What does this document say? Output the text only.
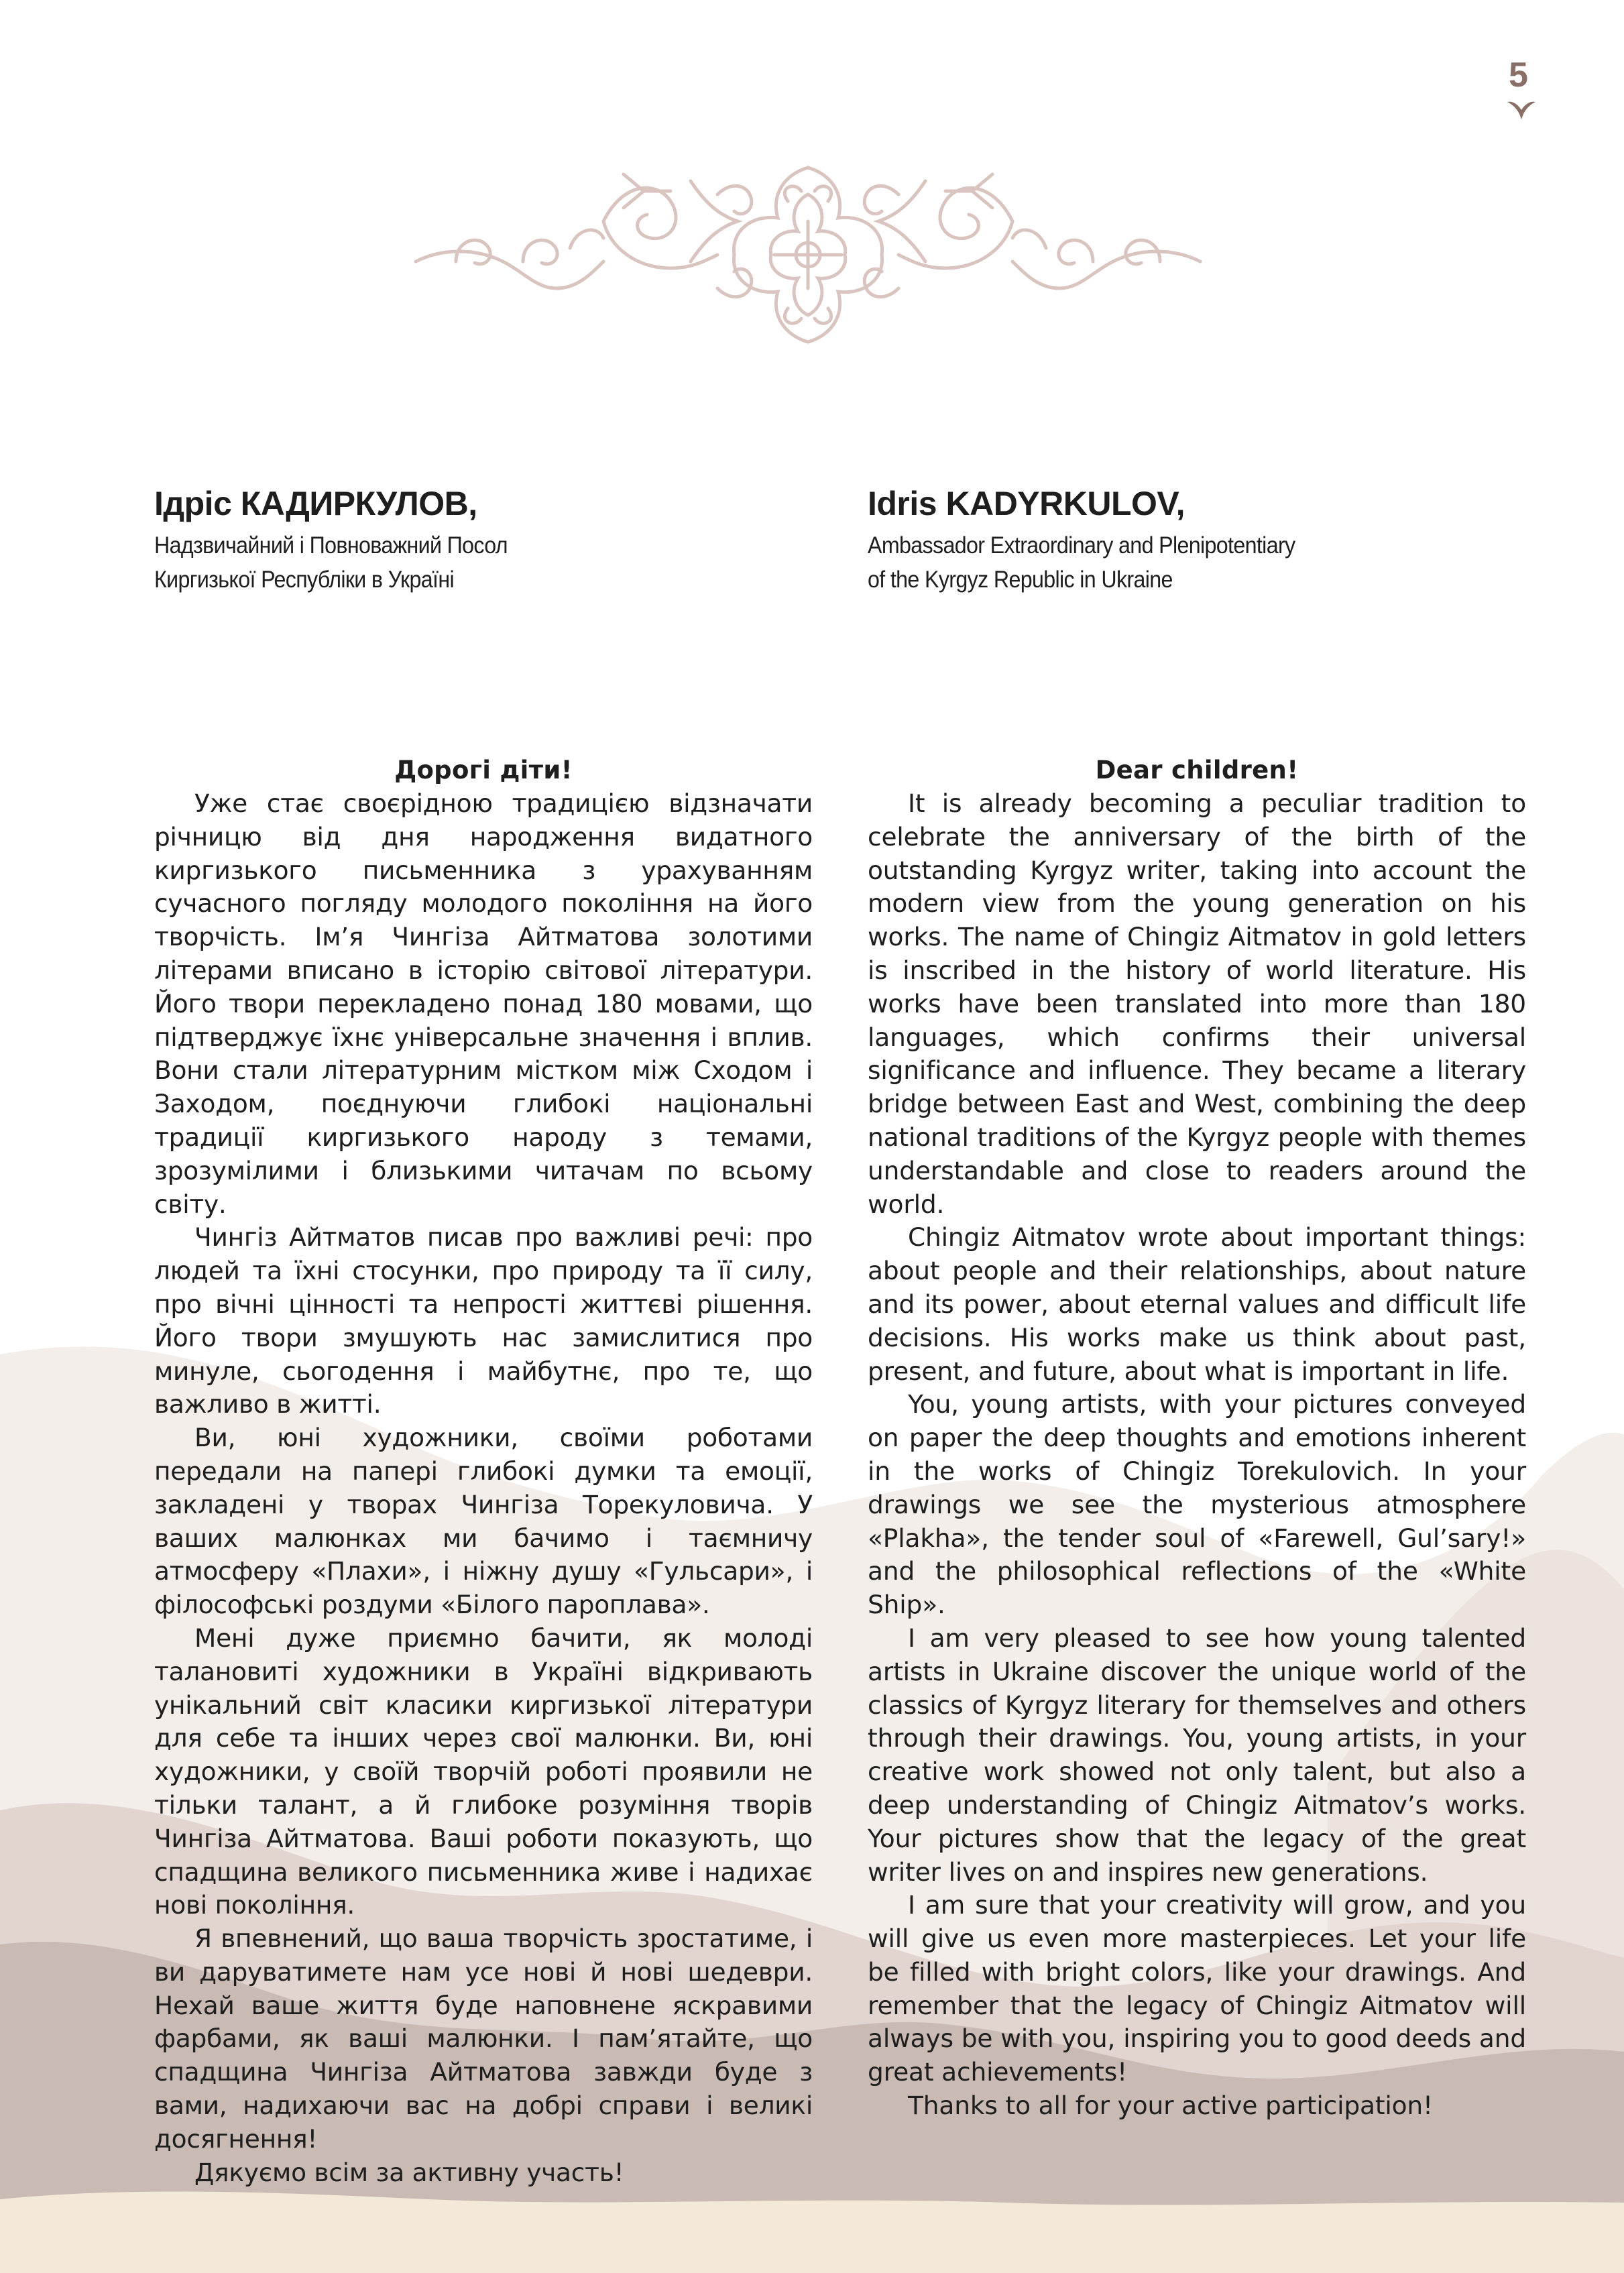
5
Ідріс КАДИРКУЛОВ,
Надзвичайний і Повноважний Посол
Киргизької Республіки в Україні
Idris KADYRKULOV,
Ambassador Extraordinary and Plenipotentiary
of the Kyrgyz Republic in Ukraine
Дорогі діти!

Уже стає своєрідною традицією відзначати річницю від дня народження видатного киргизького письменника з урахуванням сучасного погляду молодого покоління на його творчість. Ім’я Чингіза Айтматова золотими літерами вписано в історію світової літератури. Його твори перекладено понад 180 мовами, що підтверджує їхнє універсальне значення і вплив. Вони стали літературним містком між Сходом і Заходом, поєднуючи глибокі національні традиції киргизького народу з темами, зрозумілими і близькими читачам по всьому світу.

Чингіз Айтматов писав про важливі речі: про людей та їхні стосунки, про природу та її силу, про вічні цінності та непрості життєві рішення. Його твори змушують нас замислитися про минуле, сьогодення і майбутнє, про те, що важливо в житті.

Ви, юні художники, своїми роботами передали на папері глибокі думки та емоції, закладені у творах Чингіза Торекуловича. У ваших малюнках ми бачимо і таємничу атмосферу «Плахи», і ніжну душу «Гульсари», і філософські роздуми «Білого пароплава».

Мені дуже приємно бачити, як молоді талановиті художники в Україні відкривають унікальний світ класики киргизької літератури для себе та інших через свої малюнки. Ви, юні художники, у своїй творчій роботі проявили не тільки талант, а й глибоке розуміння творів Чингіза Айтматова. Ваші роботи показують, що спадщина великого письменника живе і надихає нові покоління.

Я впевнений, що ваша творчість зростатиме, і ви даруватимете нам усе нові й нові шедеври. Нехай ваше життя буде наповнене яскравими фарбами, як ваші малюнки. І пам’ятайте, що спадщина Чингіза Айтматова завжди буде з вами, надихаючи вас на добрі справи і великі досягнення!

Дякуємо всім за активну участь!

Dear children!

It is already becoming a peculiar tradition to celebrate the anniversary of the birth of the outstanding Kyrgyz writer, taking into account the modern view from the young generation on his works. The name of Chingiz Aitmatov in gold letters is inscribed in the history of world literature. His works have been translated into more than 180 languages, which confirms their universal significance and influence. They became a literary bridge between East and West, combining the deep national traditions of the Kyrgyz people with themes understandable and close to readers around the world.

Chingiz Aitmatov wrote about important things: about people and their relationships, about nature and its power, about eternal values and difficult life decisions. His works make us think about past, present, and future, about what is important in life.

You, young artists, with your pictures conveyed on paper the deep thoughts and emotions inherent in the works of Chingiz Torekulovich. In your drawings we see the mysterious atmosphere «Plakha», the tender soul of «Farewell, Gul’sary!» and the philosophical reflections of the «White Ship».

I am very pleased to see how young talented artists in Ukraine discover the unique world of the classics of Kyrgyz literary for themselves and others through their drawings. You, young artists, in your creative work showed not only talent, but also a deep understanding of Chingiz Aitmatov’s works. Your pictures show that the legacy of the great writer lives on and inspires new generations.

I am sure that your creativity will grow, and you will give us even more masterpieces. Let your life be filled with bright colors, like your drawings. And remember that the legacy of Chingiz Aitmatov will always be with you, inspiring you to good deeds and great achievements!

Thanks to all for your active participation!
